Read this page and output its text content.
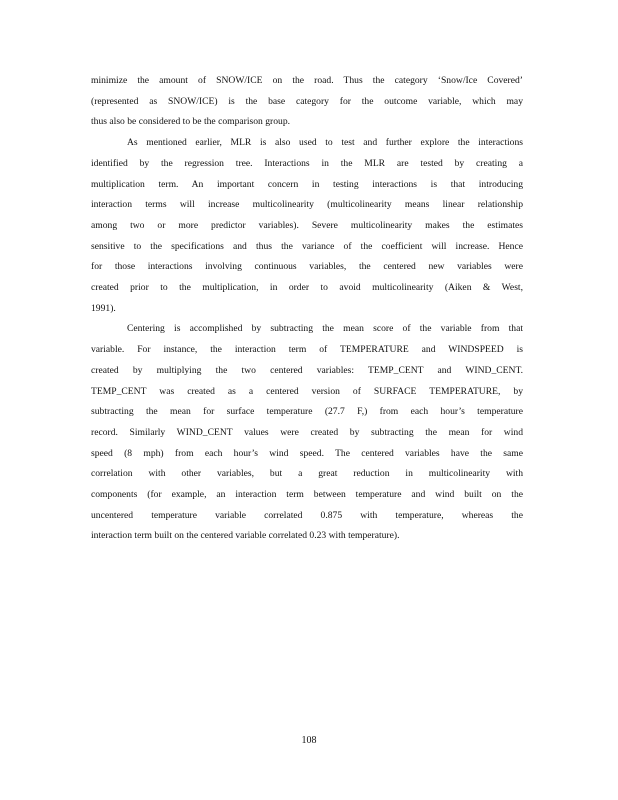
minimize the amount of SNOW/ICE on the road. Thus the category ‘Snow/Ice Covered’

(represented as SNOW/ICE) is the base category for the outcome variable, which may

thus also be considered to be the comparison group.

As mentioned earlier, MLR is also used to test and further explore the interactions

identified by the regression tree. Interactions in the MLR are tested by creating a

multiplication term. An important concern in testing interactions is that introducing

interaction terms will increase multicolinearity (multicolinearity means linear relationship

among two or more predictor variables). Severe multicolinearity makes the estimates

sensitive to the specifications and thus the variance of the coefficient will increase. Hence

for those interactions involving continuous variables, the centered new variables were

created prior to the multiplication, in order to avoid multicolinearity (Aiken & West,

1991).

Centering is accomplished by subtracting the mean score of the variable from that

variable. For instance, the interaction term of TEMPERATURE and WINDSPEED is

created by multiplying the two centered variables: TEMP_CENT and WIND_CENT.

TEMP_CENT was created as a centered version of SURFACE TEMPERATURE, by

subtracting the mean for surface temperature (27.7 F,) from each hour’s temperature

record. Similarly WIND_CENT values were created by subtracting the mean for wind

speed (8 mph) from each hour’s wind speed. The centered variables have the same

correlation with other variables, but a great reduction in multicolinearity with

components (for example, an interaction term between temperature and wind built on the

uncentered temperature variable correlated 0.875 with temperature, whereas the

interaction term built on the centered variable correlated 0.23 with temperature).

108
